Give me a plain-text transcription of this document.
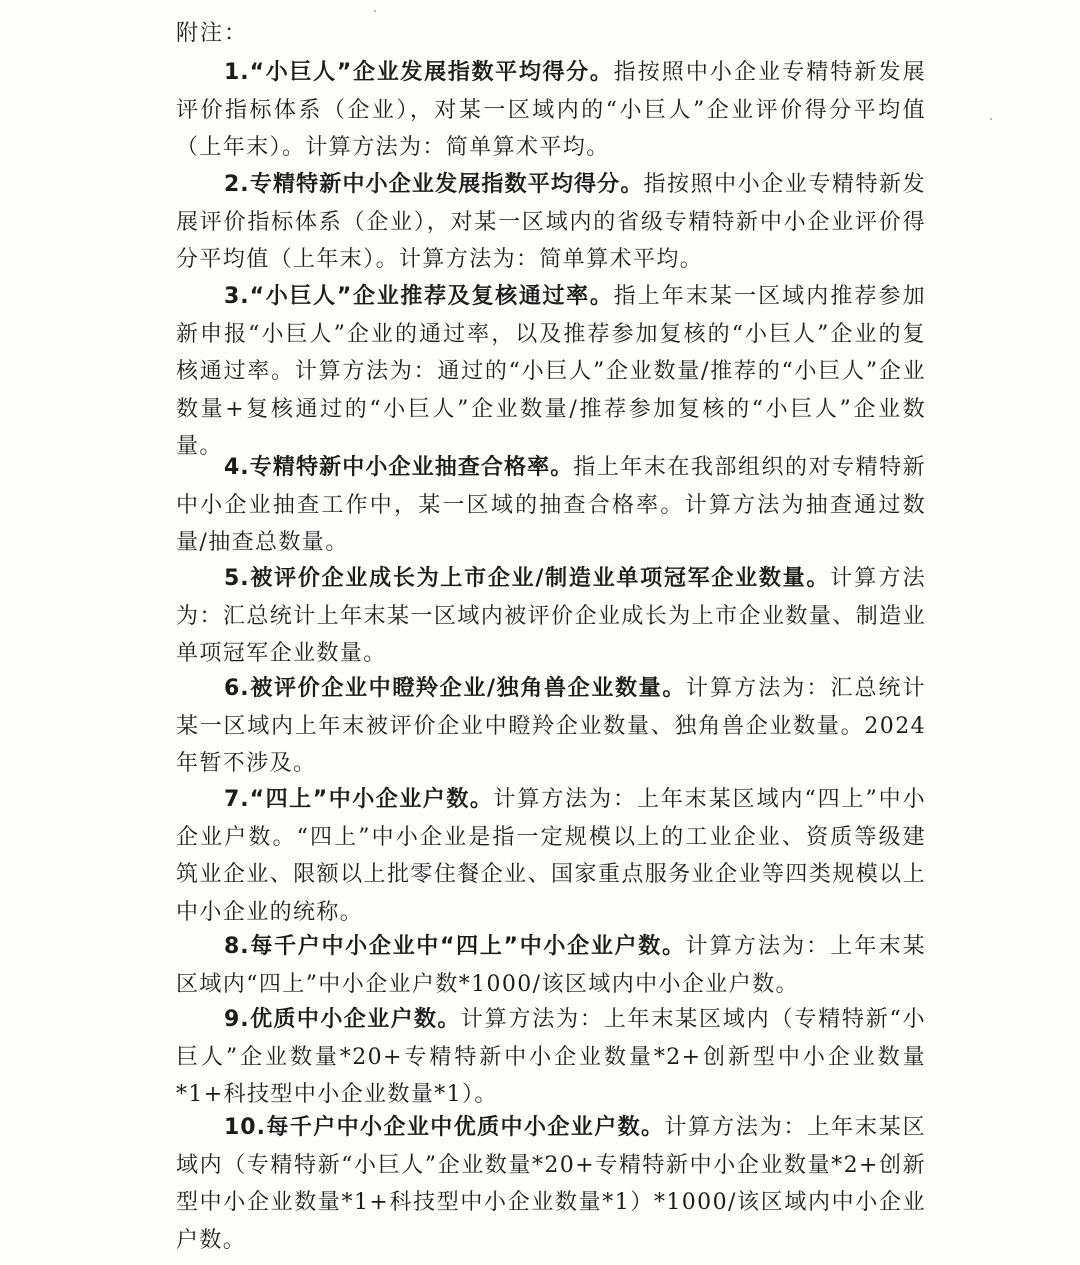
附注：

1.“小巨人”企业发展指数平均得分。指按照中小企业专精特新发展评价指标体系（企业），对某一区域内的“小巨人”企业评价得分平均值（上年末）。计算方法为：简单算术平均。

2.专精特新中小企业发展指数平均得分。指按照中小企业专精特新发展评价指标体系（企业），对某一区域内的省级专精特新中小企业评价得分平均值（上年末）。计算方法为：简单算术平均。

3.“小巨人”企业推荐及复核通过率。指上年末某一区域内推荐参加新申报“小巨人”企业的通过率，以及推荐参加复核的“小巨人”企业的复核通过率。计算方法为：通过的“小巨人”企业数量/推荐的“小巨人”企业数量+复核通过的“小巨人”企业数量/推荐参加复核的“小巨人”企业数量。

4.专精特新中小企业抽查合格率。指上年末在我部组织的对专精特新中小企业抽查工作中，某一区域的抽查合格率。计算方法为抽查通过数量/抽查总数量。

5.被评价企业成长为上市企业/制造业单项冠军企业数量。计算方法为：汇总统计上年末某一区域内被评价企业成长为上市企业数量、制造业单项冠军企业数量。

6.被评价企业中瞪羚企业/独角兽企业数量。计算方法为：汇总统计某一区域内上年末被评价企业中瞪羚企业数量、独角兽企业数量。2024 年暂不涉及。

7.“四上”中小企业户数。计算方法为：上年末某区域内“四上”中小企业户数。“四上”中小企业是指一定规模以上的工业企业、资质等级建筑业企业、限额以上批零住餐企业、国家重点服务业企业等四类规模以上中小企业的统称。

8.每千户中小企业中“四上”中小企业户数。计算方法为：上年末某区域内“四上”中小企业户数*1000/该区域内中小企业户数。

9.优质中小企业户数。计算方法为：上年末某区域内（专精特新“小巨人”企业数量*20+专精特新中小企业数量*2+创新型中小企业数量*1+科技型中小企业数量*1）。

10.每千户中小企业中优质中小企业户数。计算方法为：上年末某区域内（专精特新“小巨人”企业数量*20+专精特新中小企业数量*2+创新型中小企业数量*1+科技型中小企业数量*1）*1000/该区域内中小企业户数。
